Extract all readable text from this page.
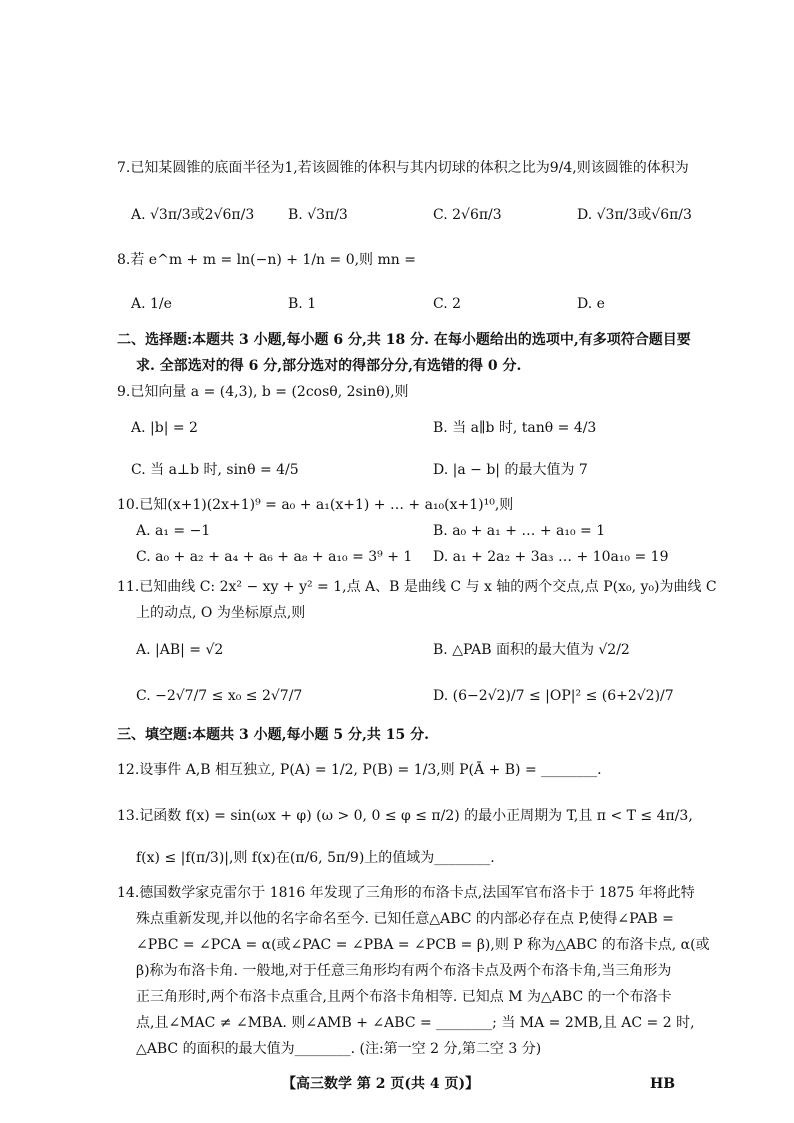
7.已知某圆锥的底面半径为1,若该圆锥的体积与其内切球的体积之比为9/4,则该圆锥的体积为
A. √3π/3或2√6π/3 B. √3π/3	C. 2√6π/3	D. √3π/3或√6π/3
8.若 e^m + m = ln(−n) + 1/n = 0,则 mn =
A. 1/e	B. 1	C. 2	D. e
二、选择题:本题共 3 小题,每小题 6 分,共 18 分. 在每小题给出的选项中,有多项符合题目要
求. 全部选对的得 6 分,部分选对的得部分分,有选错的得 0 分.
9.已知向量 a = (4,3), b = (2cosθ, 2sinθ),则
A. |b| = 2	B. 当 a∥b 时, tanθ = 4/3
C. 当 a⊥b 时, sinθ = 4/5	D. |a − b| 的最大值为 7
10.已知(x+1)(2x+1)⁹ = a₀ + a₁(x+1) + … + a₁₀(x+1)¹⁰,则
A. a₁ = −1	B. a₀ + a₁ + … + a₁₀ = 1
C. a₀ + a₂ + a₄ + a₆ + a₈ + a₁₀ = 3⁹ + 1 D. a₁ + 2a₂ + 3a₃ … + 10a₁₀ = 19
11.已知曲线 C: 2x² − xy + y² = 1,点 A、B 是曲线 C 与 x 轴的两个交点,点 P(x₀, y₀)为曲线 C
上的动点, O 为坐标原点,则
A. |AB| = √2	B. △PAB 面积的最大值为 √2/2
C. −2√7/7 ≤ x₀ ≤ 2√7/7	D. (6−2√2)/7 ≤ |OP|² ≤ (6+2√2)/7
三、填空题:本题共 3 小题,每小题 5 分,共 15 分.
12.设事件 A,B 相互独立, P(A) = 1/2, P(B) = 1/3,则 P(Ā + B) = ________.
13.记函数 f(x) = sin(ωx + φ) (ω > 0, 0 ≤ φ ≤ π/2) 的最小正周期为 T,且 π < T ≤ 4π/3,
f(x) ≤ |f(π/3)|,则 f(x)在(π/6, 5π/9)上的值域为________.
14.德国数学家克雷尔于 1816 年发现了三角形的布洛卡点,法国军官布洛卡于 1875 年将此特
殊点重新发现,并以他的名字命名至今. 已知任意△ABC 的内部必存在点 P,使得∠PAB =
∠PBC = ∠PCA = α(或∠PAC = ∠PBA = ∠PCB = β),则 P 称为△ABC 的布洛卡点, α(或
β)称为布洛卡角. 一般地,对于任意三角形均有两个布洛卡点及两个布洛卡角,当三角形为
正三角形时,两个布洛卡点重合,且两个布洛卡角相等. 已知点 M 为△ABC 的一个布洛卡
点,且∠MAC ≠ ∠MBA. 则∠AMB + ∠ABC = ________; 当 MA = 2MB,且 AC = 2 时,
△ABC 的面积的最大值为________. (注:第一空 2 分,第二空 3 分)
【高三数学 第 2 页(共 4 页)】	HB
